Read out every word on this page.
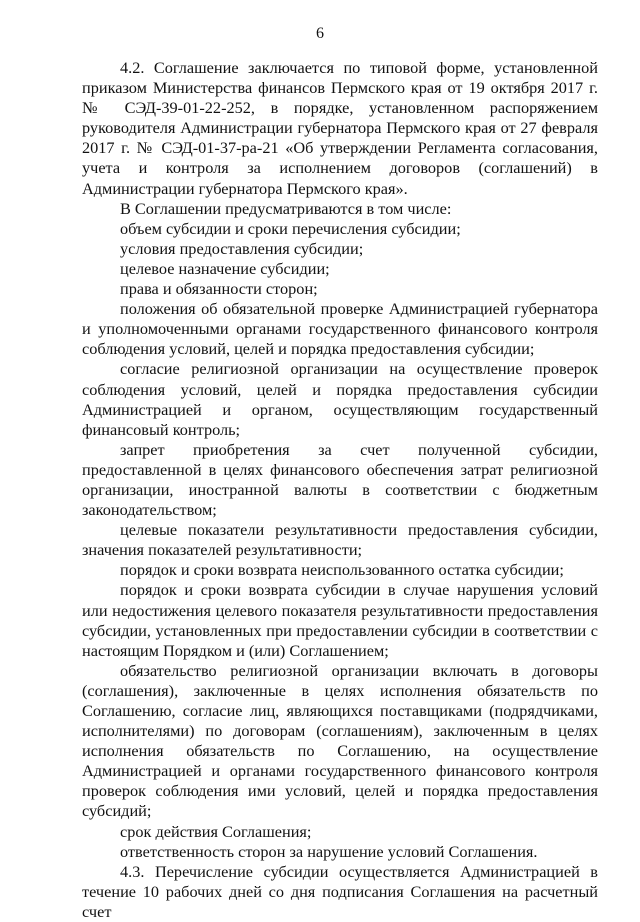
6

4.2. Соглашение заключается по типовой форме, установленной приказом Министерства финансов Пермского края от 19 октября 2017 г. № СЭД-39-01-22-252, в порядке, установленном распоряжением руководителя Администрации губернатора Пермского края от 27 февраля 2017 г. № СЭД-01-37-ра-21 «Об утверждении Регламента согласования, учета и контроля за исполнением договоров (соглашений) в Администрации губернатора Пермского края».

В Соглашении предусматриваются в том числе:

объем субсидии и сроки перечисления субсидии;

условия предоставления субсидии;

целевое назначение субсидии;

права и обязанности сторон;

положения об обязательной проверке Администрацией губернатора и уполномоченными органами государственного финансового контроля соблюдения условий, целей и порядка предоставления субсидии;

согласие религиозной организации на осуществление проверок соблюдения условий, целей и порядка предоставления субсидии Администрацией и органом, осуществляющим государственный финансовый контроль;

запрет приобретения за счет полученной субсидии, предоставленной в целях финансового обеспечения затрат религиозной организации, иностранной валюты в соответствии с бюджетным законодательством;

целевые показатели результативности предоставления субсидии, значения показателей результативности;

порядок и сроки возврата неиспользованного остатка субсидии;

порядок и сроки возврата субсидии в случае нарушения условий или недостижения целевого показателя результативности предоставления субсидии, установленных при предоставлении субсидии в соответствии с настоящим Порядком и (или) Соглашением;

обязательство религиозной организации включать в договоры (соглашения), заключенные в целях исполнения обязательств по Соглашению, согласие лиц, являющихся поставщиками (подрядчиками, исполнителями) по договорам (соглашениям), заключенным в целях исполнения обязательств по Соглашению, на осуществление Администрацией и органами государственного финансового контроля проверок соблюдения ими условий, целей и порядка предоставления субсидий;

срок действия Соглашения;

ответственность сторон за нарушение условий Соглашения.

4.3. Перечисление субсидии осуществляется Администрацией в течение 10 рабочих дней со дня подписания Соглашения на расчетный счет
